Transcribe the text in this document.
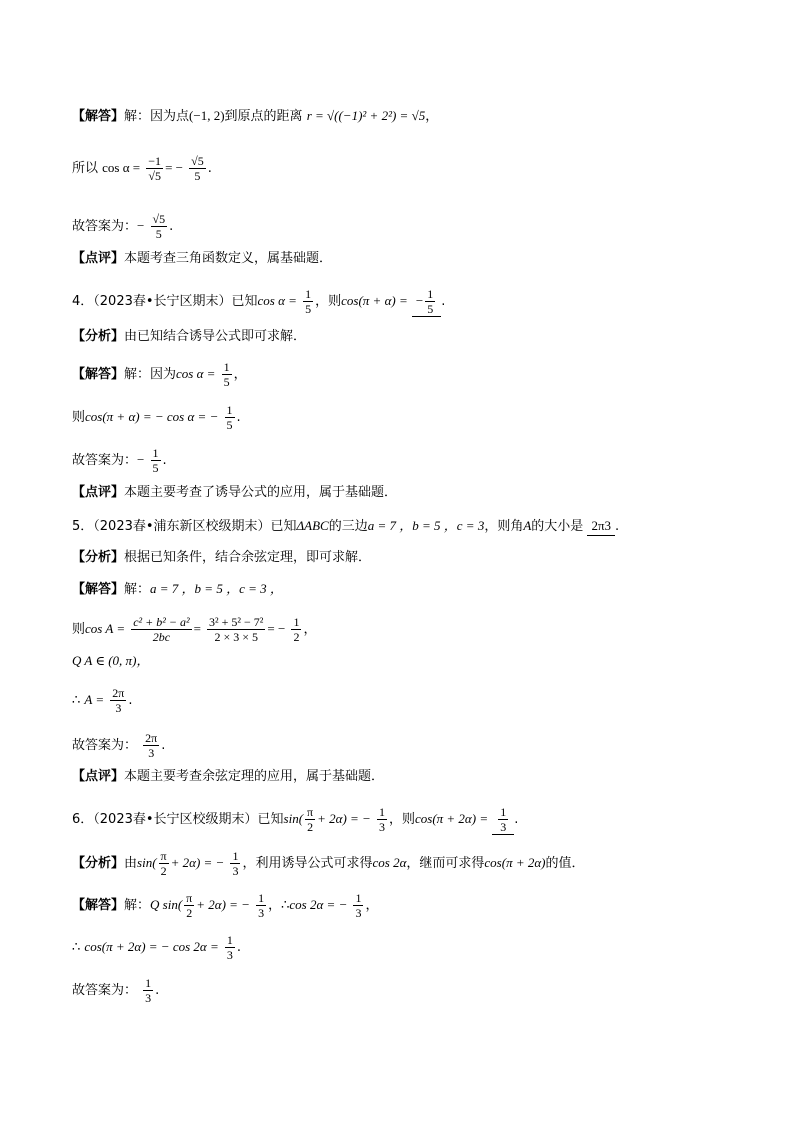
【解答】解：因为点(−1, 2)到原点的距离 r = √((−1)² + 2²) = √5，
所以 $\cos \alpha = \frac{-1}{√5}$ = − $\frac{√5}{5}$ .
故答案为：− $\frac{√5}{5}$ .
【点评】本题考查三角函数定义，属基础题．
4．（2023春•长宁区期末）已知$\cos \alpha = \frac{1}{5}$ ，则cos(π + α) = − $\frac{1}{5}$ .
【分析】由已知结合诱导公式即可求解．
【解答】解：因为$\cos \alpha = \frac{1}{5}$ ，
则cos(π + α) = − cos α = − $\frac{1}{5}$ .
故答案为：− $\frac{1}{5}$ .
【点评】本题主要考查了诱导公式的应用，属于基础题．
5．（2023春•浦东新区校级期末）已知ΔABC的三边a = 7 ，b = 5 ，c = 3，则角A的大小是 2π3 .
【分析】根据已知条件，结合余弦定理，即可求解．
【解答】解：a = 7 ，b = 5 ，c = 3 ，
则$\cos A = \frac{\text{c² + b² − a²}}{2bc} = \frac{\text{3² + 5² − 7²}}{2 \times 3 \times 5}$ = − $\frac{1}{2}$ ，
Q A ∈ (0, π)，
∴ $A = \frac{2\pi}{3}$ .
故答案为： $\frac{2\pi}{3}$ .
【点评】本题主要考查余弦定理的应用，属于基础题．
6．（2023春•长宁区校级期末）已知$\sin( \frac{\pi}{2} + 2\alpha)$ = − $\frac{1}{3}$ ，则$\cos(\pi + 2\alpha) = \frac{1}{3}$ .
【分析】由$\sin( \frac{\pi}{2} + 2\alpha)$ = − $\frac{1}{3}$ ，利用诱导公式可求得cos 2α，继而可求得cos(π + 2α)的值．
【解答】解：Q $\sin( \frac{\pi}{2} + 2\alpha)$ = − $\frac{1}{3}$ ，∴cos 2α = − $\frac{1}{3}$ ，
∴ cos(π + 2α) = − $\cos 2\alpha = \frac{1}{3}$ .
故答案为： $\frac{1}{3}$ .
